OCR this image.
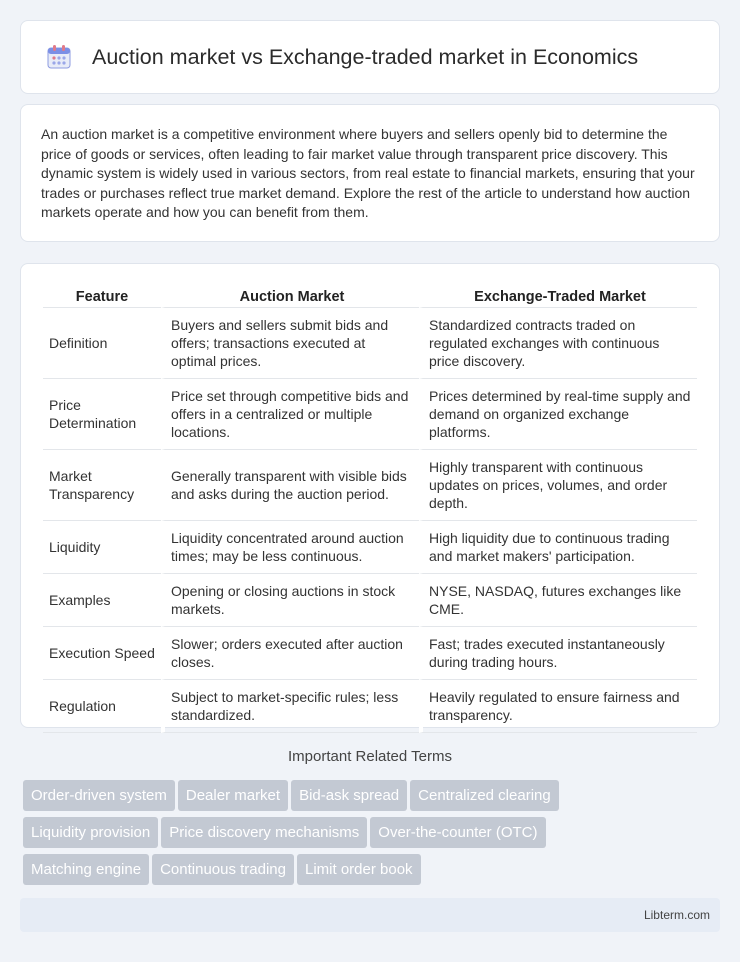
Auction market vs Exchange-traded market in Economics

An auction market is a competitive environment where buyers and sellers openly bid to determine the price of goods or services, often leading to fair market value through transparent price discovery. This dynamic system is widely used in various sectors, from real estate to financial markets, ensuring that your trades or purchases reflect true market demand. Explore the rest of the article to understand how auction markets operate and how you can benefit from them.

Feature	Auction Market	Exchange-Traded Market
Definition	Buyers and sellers submit bids and offers; transactions executed at optimal prices.	Standardized contracts traded on regulated exchanges with continuous price discovery.
Price Determination	Price set through competitive bids and offers in a centralized or multiple locations.	Prices determined by real-time supply and demand on organized exchange platforms.
Market Transparency	Generally transparent with visible bids and asks during the auction period.	Highly transparent with continuous updates on prices, volumes, and order depth.
Liquidity	Liquidity concentrated around auction times; may be less continuous.	High liquidity due to continuous trading and market makers' participation.
Examples	Opening or closing auctions in stock markets.	NYSE, NASDAQ, futures exchanges like CME.
Execution Speed	Slower; orders executed after auction closes.	Fast; trades executed instantaneously during trading hours.
Regulation	Subject to market-specific rules; less standardized.	Heavily regulated to ensure fairness and transparency.
Important Related Terms
Order-driven system Dealer market Bid-ask spread Centralized clearing
Liquidity provision Price discovery mechanisms Over-the-counter (OTC)
Matching engine Continuous trading Limit order book
Libterm.com
